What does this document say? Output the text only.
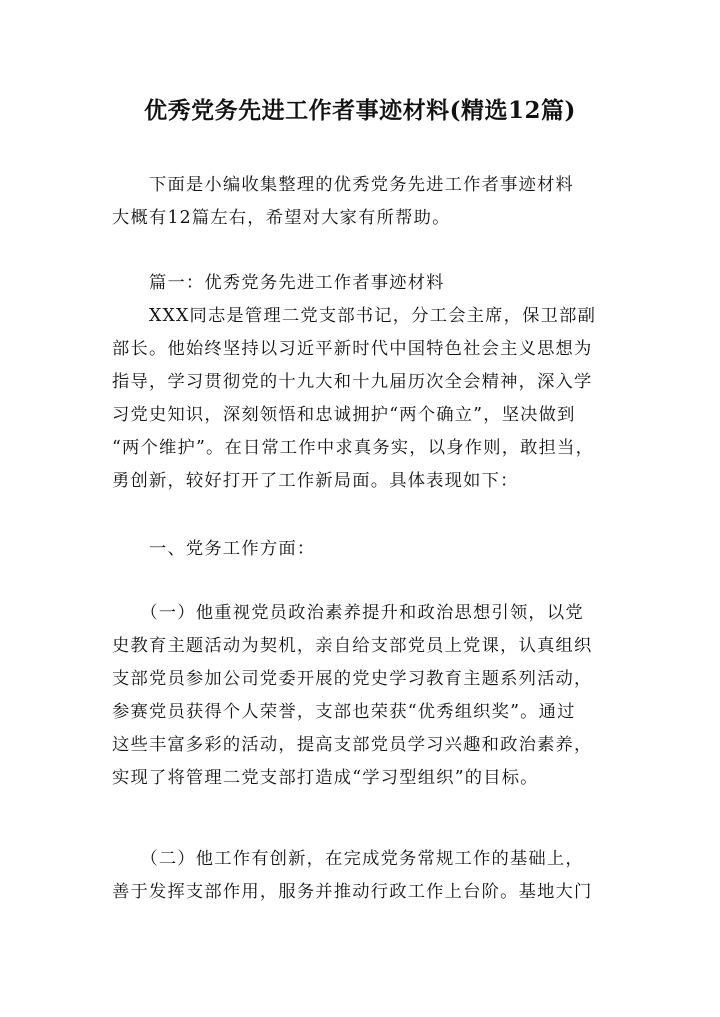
优秀党务先进工作者事迹材料(精选12篇)
　　下面是小编收集整理的优秀党务先进工作者事迹材料
大概有12篇左右，希望对大家有所帮助。
　　篇一：优秀党务先进工作者事迹材料
　　XXX同志是管理二党支部书记，分工会主席，保卫部副
部长。他始终坚持以习近平新时代中国特色社会主义思想为
指导，学习贯彻党的十九大和十九届历次全会精神，深入学
习党史知识，深刻领悟和忠诚拥护“两个确立”，坚决做到
“两个维护”。在日常工作中求真务实，以身作则，敢担当，
勇创新，较好打开了工作新局面。具体表现如下：
　　一、党务工作方面：
　　（一）他重视党员政治素养提升和政治思想引领，以党
史教育主题活动为契机，亲自给支部党员上党课，认真组织
支部党员参加公司党委开展的党史学习教育主题系列活动，
参赛党员获得个人荣誉，支部也荣获“优秀组织奖”。通过
这些丰富多彩的活动，提高支部党员学习兴趣和政治素养，
实现了将管理二党支部打造成“学习型组织”的目标。
　　（二）他工作有创新，在完成党务常规工作的基础上，
善于发挥支部作用，服务并推动行政工作上台阶。基地大门
